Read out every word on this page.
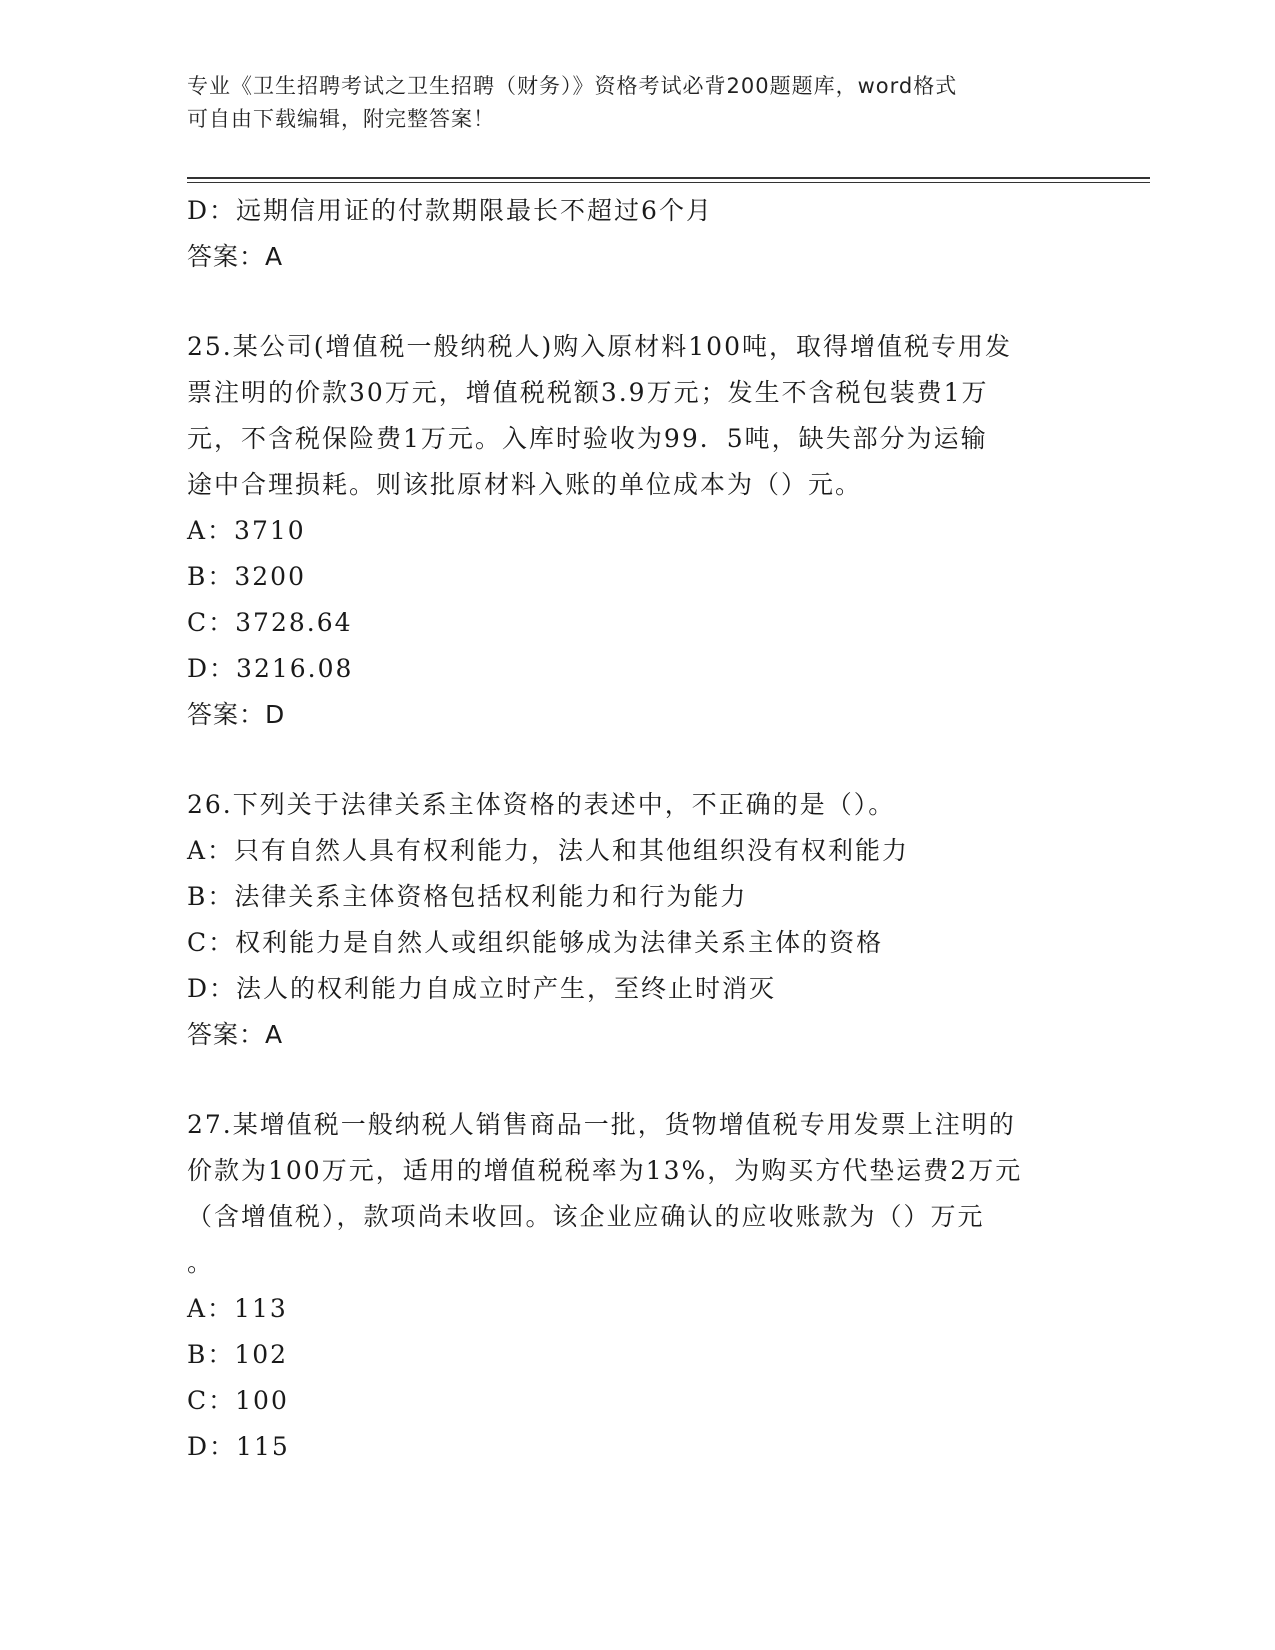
专业《卫生招聘考试之卫生招聘（财务）》资格考试必背200题题库，word格式
可自由下载编辑，附完整答案！
D：远期信用证的付款期限最长不超过6个月
答案：A
25.某公司(增值税一般纳税人)购入原材料100吨，取得增值税专用发
票注明的价款30万元，增值税税额3.9万元；发生不含税包装费1万
元，不含税保险费1万元。入库时验收为99．5吨，缺失部分为运输
途中合理损耗。则该批原材料入账的单位成本为（）元。
A：3710
B：3200
C：3728.64
D：3216.08
答案：D
26.下列关于法律关系主体资格的表述中，不正确的是（）。
A：只有自然人具有权利能力，法人和其他组织没有权利能力
B：法律关系主体资格包括权利能力和行为能力
C：权利能力是自然人或组织能够成为法律关系主体的资格
D：法人的权利能力自成立时产生，至终止时消灭
答案：A
27.某增值税一般纳税人销售商品一批，货物增值税专用发票上注明的
价款为100万元，适用的增值税税率为13%，为购买方代垫运费2万元
（含增值税），款项尚未收回。该企业应确认的应收账款为（）万元
。
A：113
B：102
C：100
D：115
